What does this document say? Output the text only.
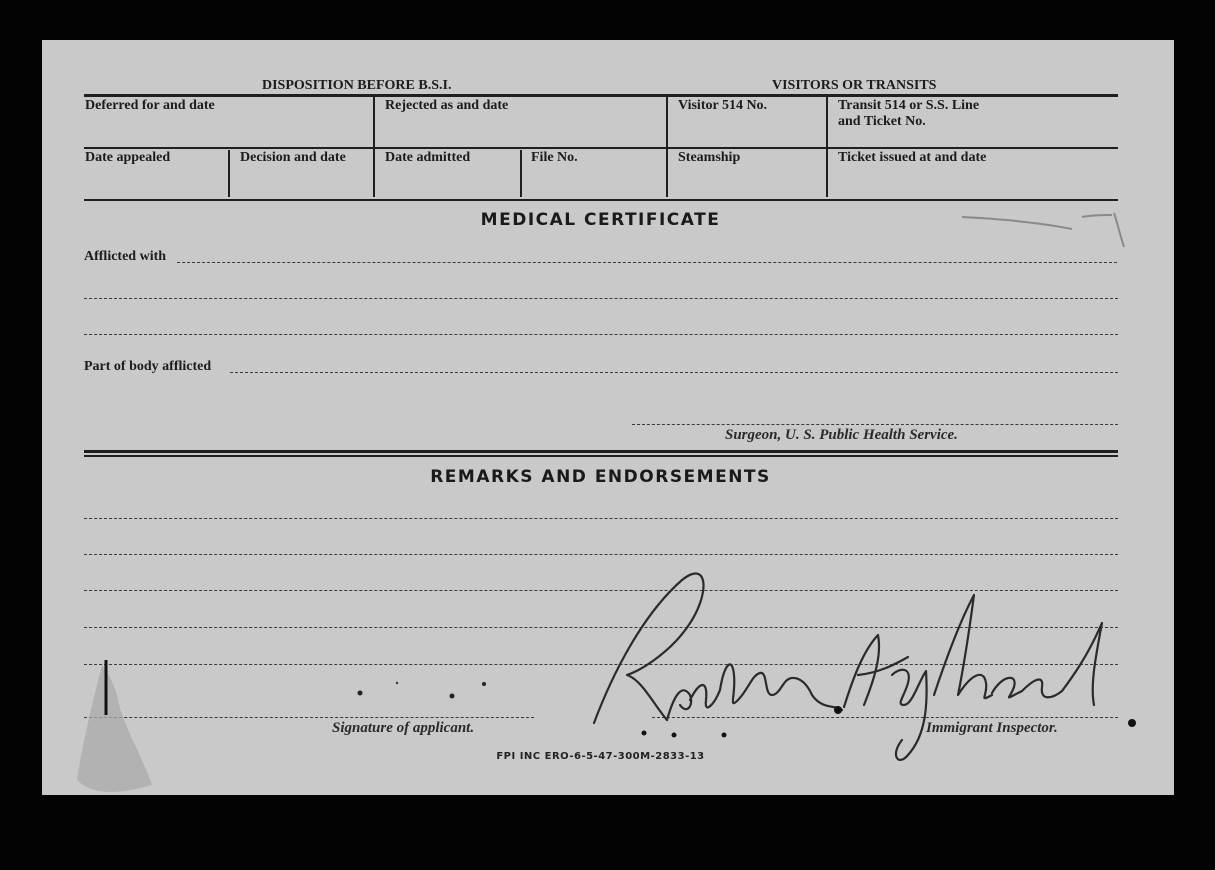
DISPOSITION BEFORE B.S.I.	VISITORS OR TRANSITS
Deferred for and date	Rejected as and date	Visitor 514 No.	Transit 514 or S.S. Line
and Ticket No.
Date appealed	Decision and date	Date admitted	File No.	Steamship	Ticket issued at and date
MEDICAL CERTIFICATE
Afflicted with
Part of body afflicted
Surgeon, U. S. Public Health Service.
REMARKS AND ENDORSEMENTS
Signature of applicant.	Immigrant Inspector.
FPI INC ERO-6-5-47-300M-2833-13
